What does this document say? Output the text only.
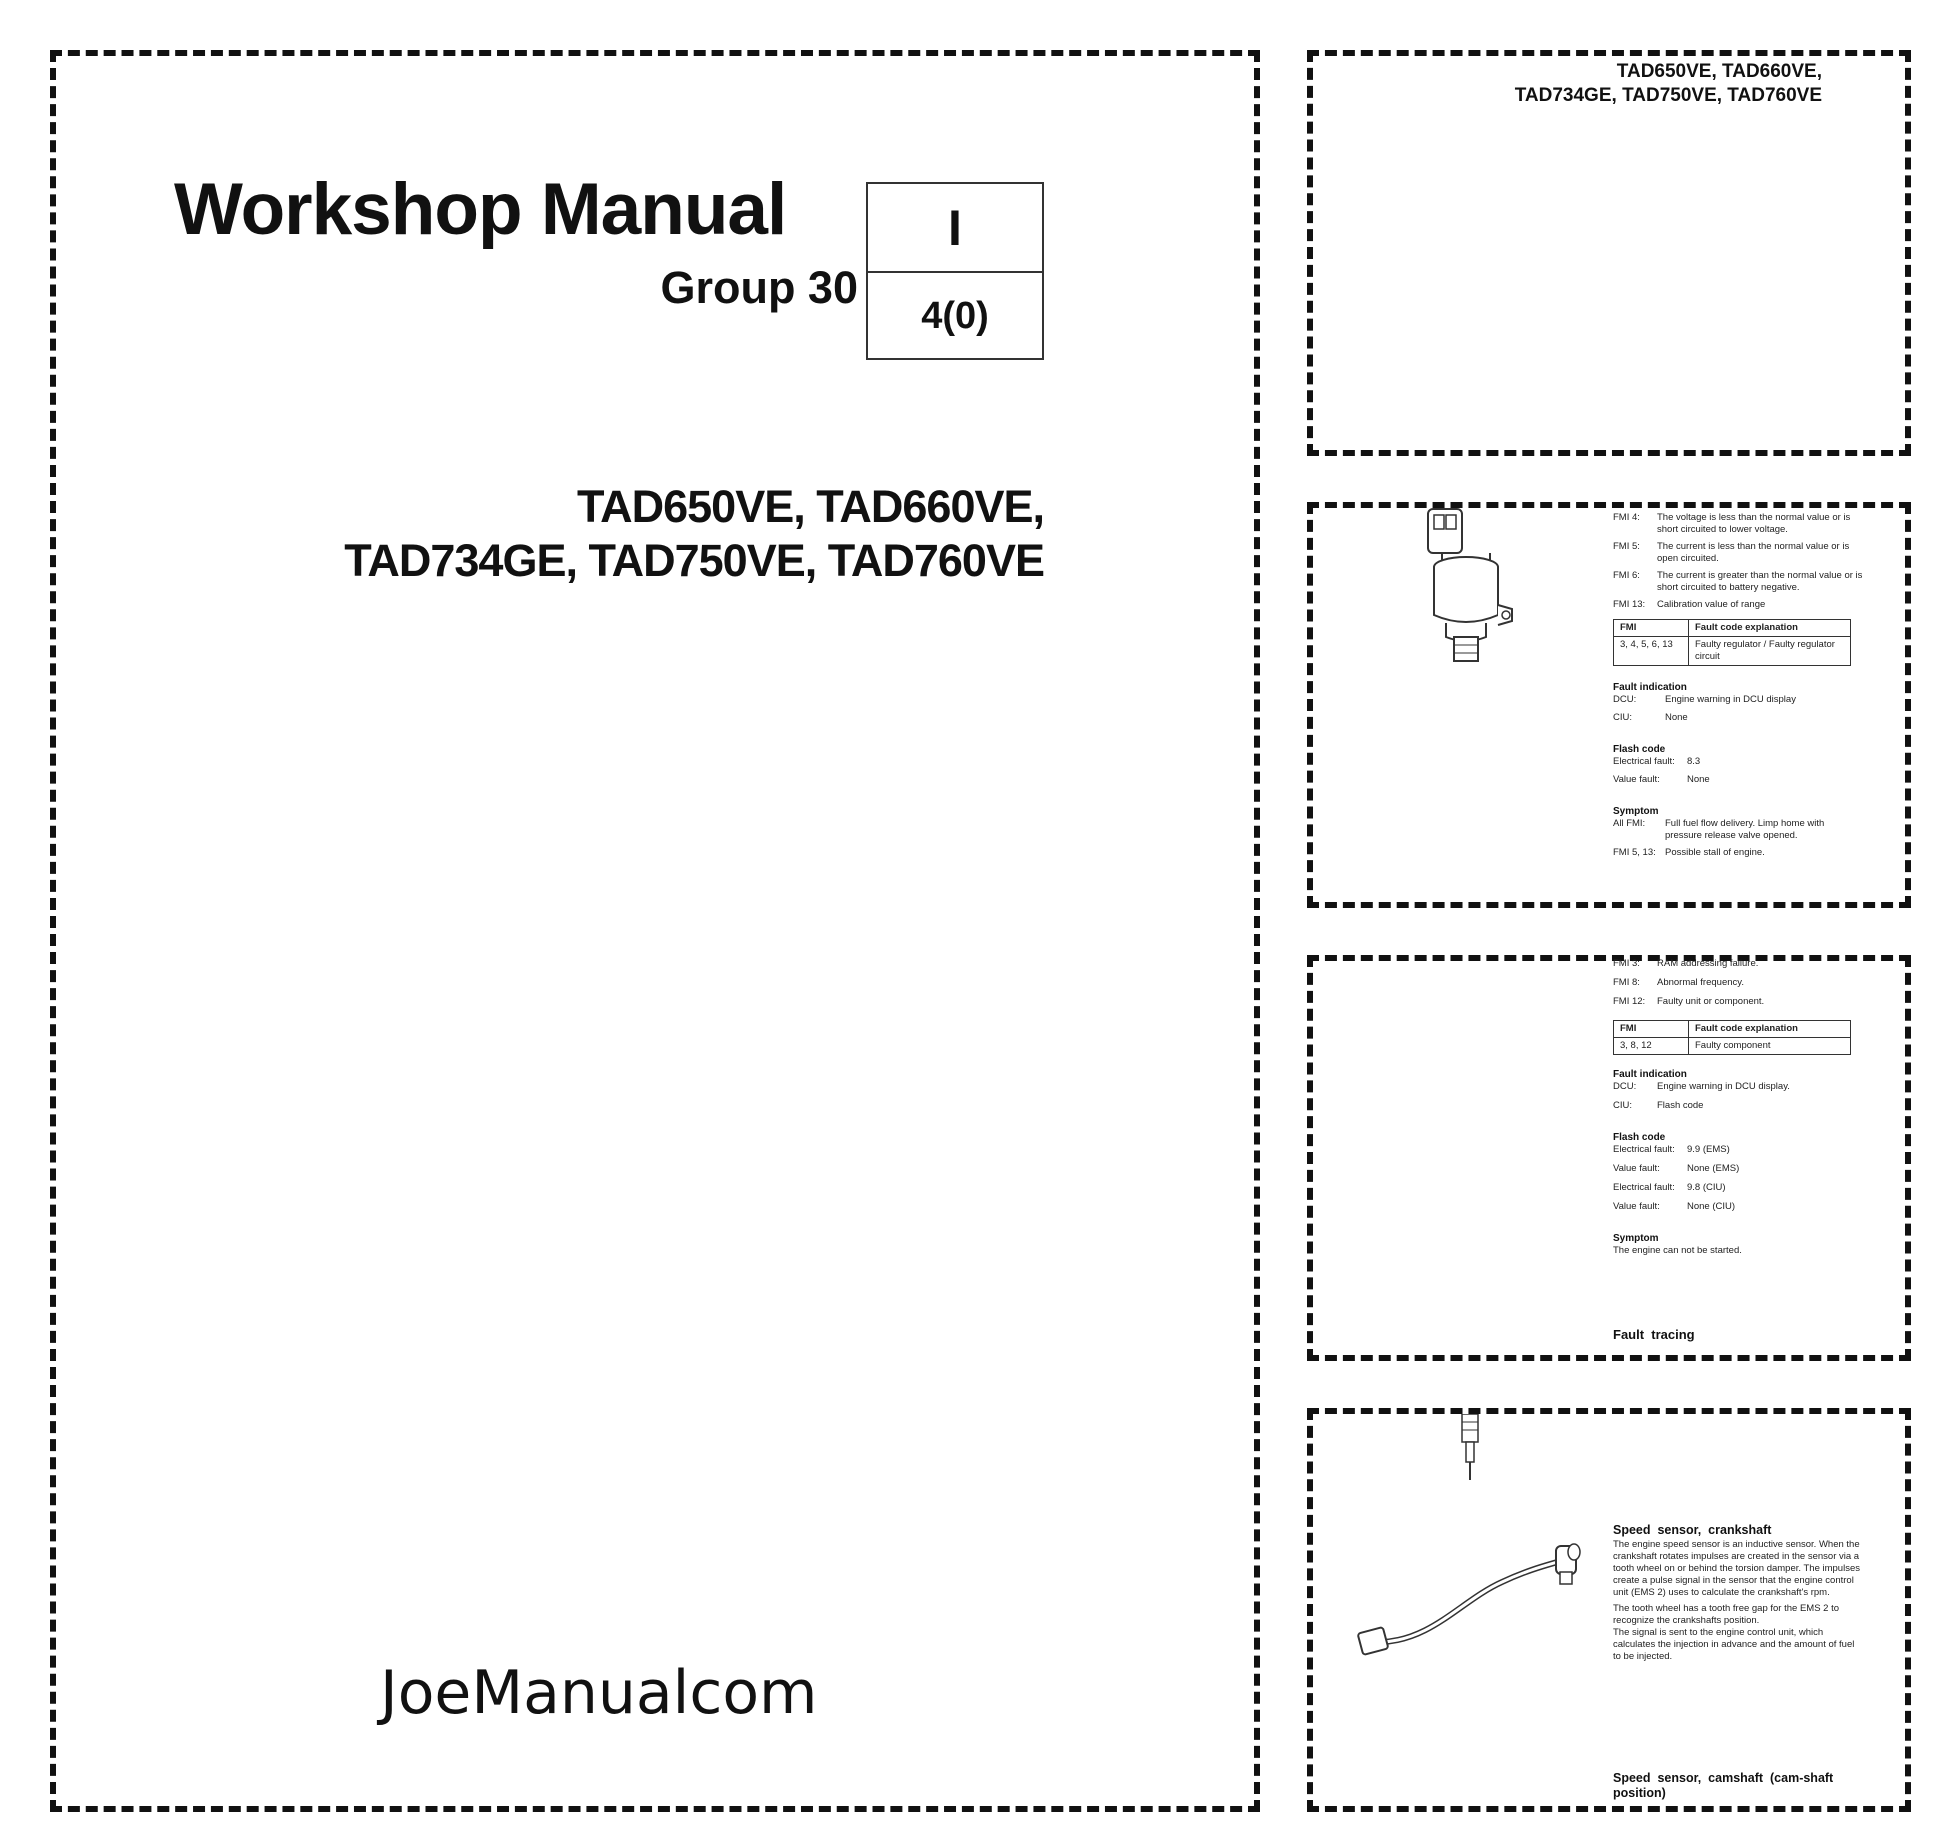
Workshop Manual
Group 30
I
4(0)
TAD650VE, TAD660VE,
TAD734GE, TAD750VE, TAD760VE
JoeManualcom
TAD650VE, TAD660VE,
TAD734GE, TAD750VE, TAD760VE
FMI 4:	The voltage is less than the normal value or is short circuited to lower voltage.
FMI 5:	The current is less than the normal value or is open circuited.
FMI 6:	The current is greater than the normal value or is short circuited to battery negative.
FMI 13:	Calibration value of range
FMI	Fault code explanation
3, 4, 5, 6, 13	Faulty regulator / Faulty regulator circuit
Fault indication
DCU:	Engine warning in DCU display
CIU:	None
Flash code
Electrical fault:	8.3
Value fault:	None
Symptom
All FMI:	Full fuel flow delivery. Limp home with pressure release valve opened.
FMI 5, 13: Possible stall of engine.
FMI 3:	RAM addressing failure.
FMI 8:	Abnormal frequency.
FMI 12:	Faulty unit or component.
FMI	Fault code explanation
3, 8, 12	Faulty component
Fault indication
DCU:	Engine warning in DCU display.
CIU:	Flash code
Flash code
Electrical fault:	9.9 (EMS)
Value fault:	None (EMS)
Electrical fault:	9.8 (CIU)
Value fault:	None (CIU)
Symptom
The engine can not be started.
Fault  tracing
Speed  sensor,  crankshaft
The engine speed sensor is an inductive sensor. When the crankshaft rotates impulses are created in the sensor via a tooth wheel on or behind the torsion damper. The impulses create a pulse signal in the sensor that the engine control unit (EMS 2) uses to calculate the crankshaft's rpm.
The tooth wheel has a tooth free gap for the EMS 2 to recognize the crankshafts position.
The signal is sent to the engine control unit, which calculates the injection in advance and the amount of fuel to be injected.
Speed  sensor,  camshaft  (cam-shaft  position)
